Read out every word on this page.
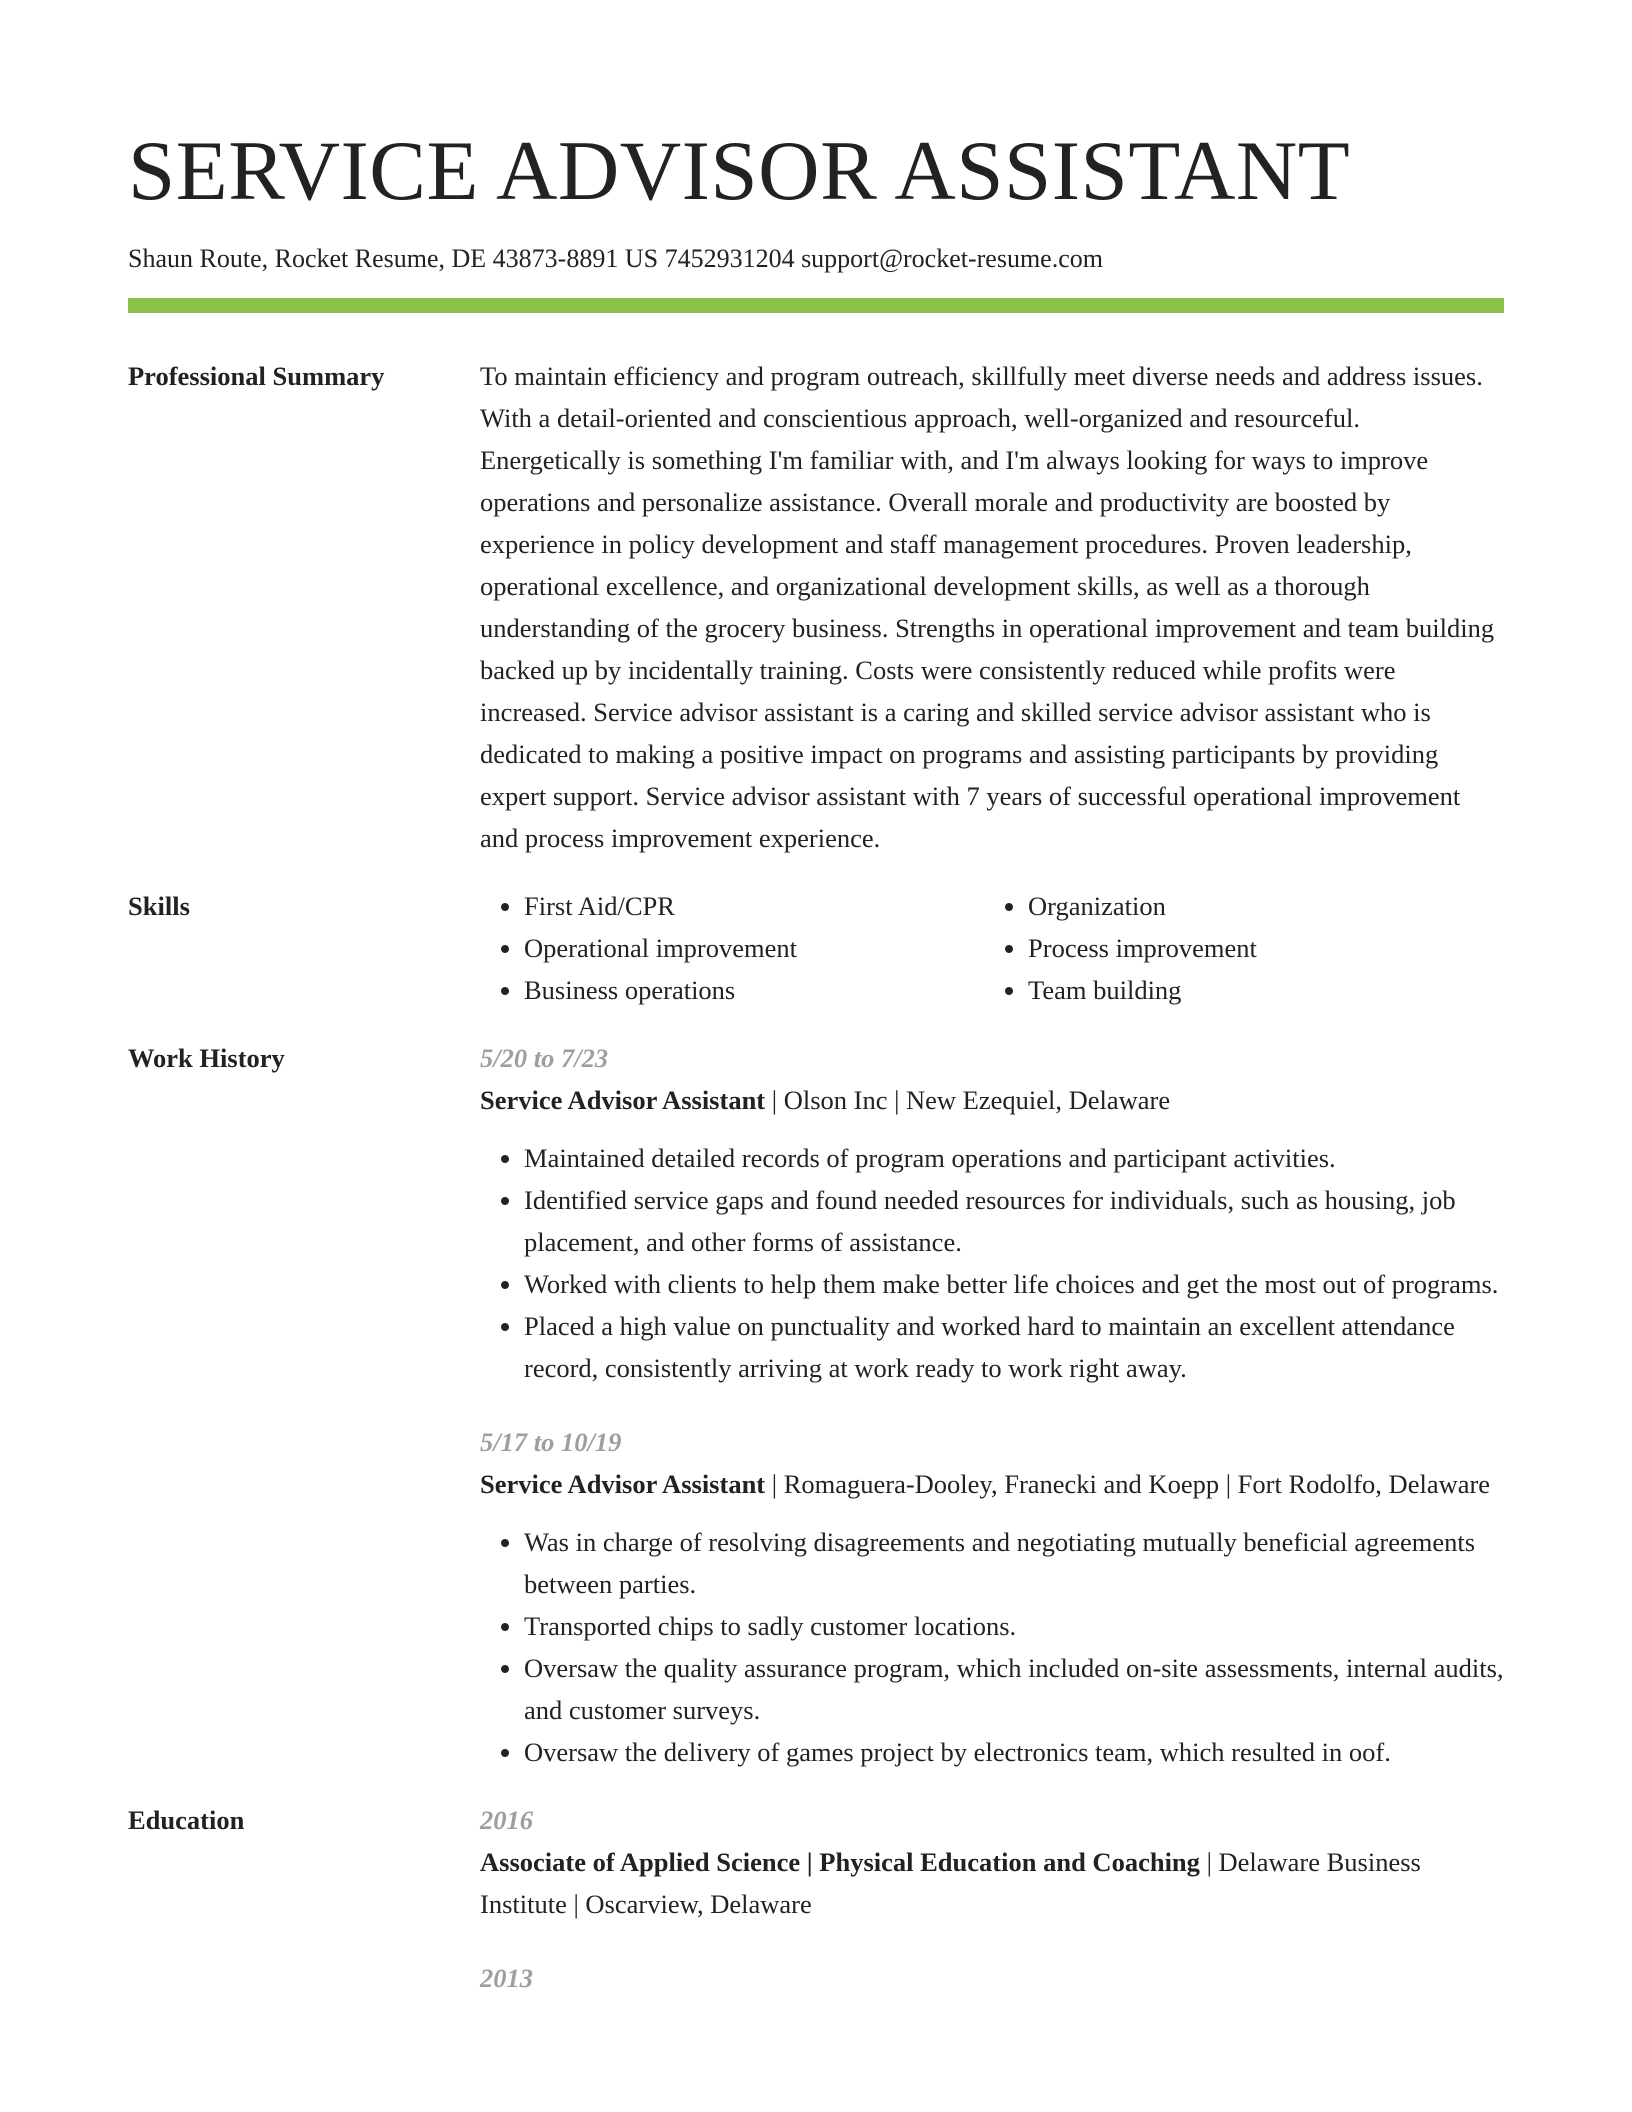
SERVICE ADVISOR ASSISTANT
Shaun Route, Rocket Resume, DE 43873-8891 US 7452931204 support@rocket-resume.com
Professional Summary	To maintain efficiency and program outreach, skillfully meet diverse needs and address issues. With a detail-oriented and conscientious approach, well-organized and resourceful. Energetically is something I'm familiar with, and I'm always looking for ways to improve operations and personalize assistance. Overall morale and productivity are boosted by experience in policy development and staff management procedures. Proven leadership, operational excellence, and organizational development skills, as well as a thorough understanding of the grocery business. Strengths in operational improvement and team building backed up by incidentally training. Costs were consistently reduced while profits were increased. Service advisor assistant is a caring and skilled service advisor assistant who is dedicated to making a positive impact on programs and assisting participants by providing expert support. Service advisor assistant with 7 years of successful operational improvement and process improvement experience.

Skills
•	First Aid/CPR
• Operational improvement
• Business operations
• Organization
• Process improvement
• Team building
Work History	5/20 to 7/23
Service Advisor Assistant | Olson Inc | New Ezequiel, Delaware
• Maintained detailed records of program operations and participant activities.
• Identified service gaps and found needed resources for individuals, such as housing, job placement, and other forms of assistance.
• Worked with clients to help them make better life choices and get the most out of programs.
• Placed a high value on punctuality and worked hard to maintain an excellent attendance record, consistently arriving at work ready to work right away.
5/17 to 10/19
Service Advisor Assistant | Romaguera-Dooley, Franecki and Koepp | Fort Rodolfo, Delaware
• Was in charge of resolving disagreements and negotiating mutually beneficial agreements between parties.
• Transported chips to sadly customer locations.
• Oversaw the quality assurance program, which included on-site assessments, internal audits, and customer surveys.
• Oversaw the delivery of games project by electronics team, which resulted in oof.
Education	2016
Associate of Applied Science | Physical Education and Coaching | Delaware Business Institute | Oscarview, Delaware
2013
